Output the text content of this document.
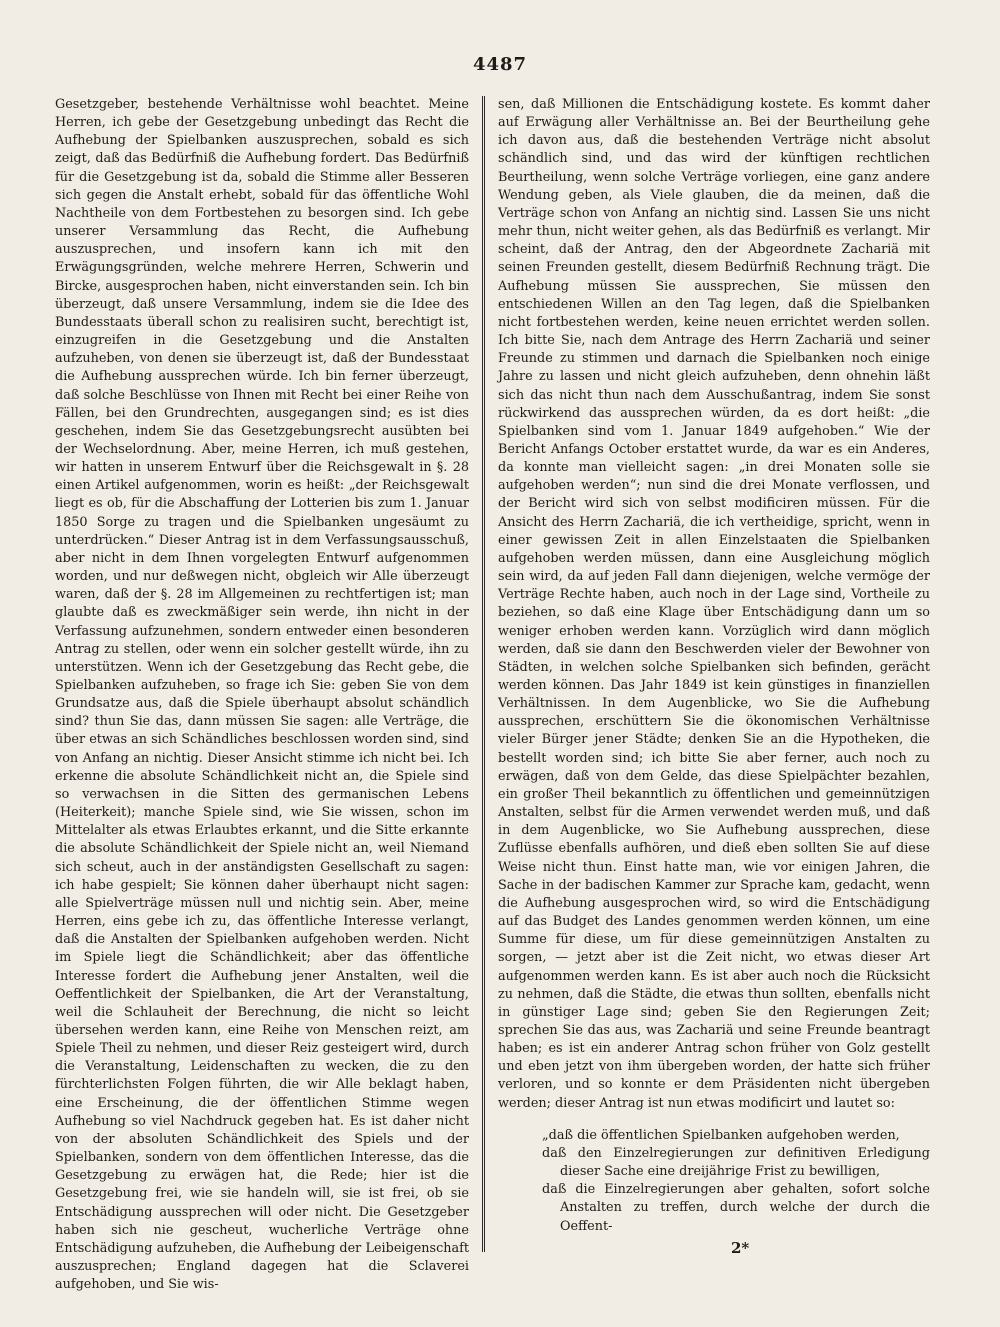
4487

Gesetzgeber, bestehende Verhältnisse wohl beachtet. Meine Herren, ich gebe der Gesetzgebung unbedingt das Recht die Aufhebung der Spielbanken auszusprechen, sobald es sich zeigt, daß das Bedürfniß die Aufhebung fordert. Das Bedürfniß für die Gesetzgebung ist da, sobald die Stimme aller Besseren sich gegen die Anstalt erhebt, sobald für das öffentliche Wohl Nachtheile von dem Fortbestehen zu besorgen sind. Ich gebe unserer Versammlung das Recht, die Aufhebung auszusprechen, und insofern kann ich mit den Erwägungsgründen, welche mehrere Herren, Schwerin und Bircke, ausgesprochen haben, nicht einverstanden sein. Ich bin überzeugt, daß unsere Versammlung, indem sie die Idee des Bundesstaats überall schon zu realisiren sucht, berechtigt ist, einzugreifen in die Gesetzgebung und die Anstalten aufzuheben, von denen sie überzeugt ist, daß der Bundesstaat die Aufhebung aussprechen würde. Ich bin ferner überzeugt, daß solche Beschlüsse von Ihnen mit Recht bei einer Reihe von Fällen, bei den Grundrechten, ausgegangen sind; es ist dies geschehen, indem Sie das Gesetzgebungsrecht ausübten bei der Wechselordnung. Aber, meine Herren, ich muß gestehen, wir hatten in unserem Entwurf über die Reichsgewalt in §. 28 einen Artikel aufgenommen, worin es heißt: „der Reichsgewalt liegt es ob, für die Abschaffung der Lotterien bis zum 1. Januar 1850 Sorge zu tragen und die Spielbanken ungesäumt zu unterdrücken.“ Dieser Antrag ist in dem Verfassungsausschuß, aber nicht in dem Ihnen vorgelegten Entwurf aufgenommen worden, und nur deßwegen nicht, obgleich wir Alle überzeugt waren, daß der §. 28 im Allgemeinen zu rechtfertigen ist; man glaubte daß es zweckmäßiger sein werde, ihn nicht in der Verfassung aufzunehmen, sondern entweder einen besonderen Antrag zu stellen, oder wenn ein solcher gestellt würde, ihn zu unterstützen. Wenn ich der Gesetzgebung das Recht gebe, die Spielbanken aufzuheben, so frage ich Sie: geben Sie von dem Grundsatze aus, daß die Spiele überhaupt absolut schändlich sind? thun Sie das, dann müssen Sie sagen: alle Verträge, die über etwas an sich Schändliches beschlossen worden sind, sind von Anfang an nichtig. Dieser Ansicht stimme ich nicht bei. Ich erkenne die absolute Schändlichkeit nicht an, die Spiele sind so verwachsen in die Sitten des germanischen Lebens (Heiterkeit); manche Spiele sind, wie Sie wissen, schon im Mittelalter als etwas Erlaubtes erkannt, und die Sitte erkannte die absolute Schändlichkeit der Spiele nicht an, weil Niemand sich scheut, auch in der anständigsten Gesellschaft zu sagen: ich habe gespielt; Sie können daher überhaupt nicht sagen: alle Spielverträge müssen null und nichtig sein. Aber, meine Herren, eins gebe ich zu, das öffentliche Interesse verlangt, daß die Anstalten der Spielbanken aufgehoben werden. Nicht im Spiele liegt die Schändlichkeit; aber das öffentliche Interesse fordert die Aufhebung jener Anstalten, weil die Oeffentlichkeit der Spielbanken, die Art der Veranstaltung, weil die Schlauheit der Berechnung, die nicht so leicht übersehen werden kann, eine Reihe von Menschen reizt, am Spiele Theil zu nehmen, und dieser Reiz gesteigert wird, durch die Veranstaltung, Leidenschaften zu wecken, die zu den fürchterlichsten Folgen führten, die wir Alle beklagt haben, eine Erscheinung, die der öffentlichen Stimme wegen Aufhebung so viel Nachdruck gegeben hat. Es ist daher nicht von der absoluten Schändlichkeit des Spiels und der Spielbanken, sondern von dem öffentlichen Interesse, das die Gesetzgebung zu erwägen hat, die Rede; hier ist die Gesetzgebung frei, wie sie handeln will, sie ist frei, ob sie Entschädigung aussprechen will oder nicht. Die Gesetzgeber haben sich nie gescheut, wucherliche Verträge ohne Entschädigung aufzuheben, die Aufhebung der Leibeigenschaft auszusprechen; England dagegen hat die Sclaverei aufgehoben, und Sie wis-

sen, daß Millionen die Entschädigung kostete. Es kommt daher auf Erwägung aller Verhältnisse an. Bei der Beurtheilung gehe ich davon aus, daß die bestehenden Verträge nicht absolut schändlich sind, und das wird der künftigen rechtlichen Beurtheilung, wenn solche Verträge vorliegen, eine ganz andere Wendung geben, als Viele glauben, die da meinen, daß die Verträge schon von Anfang an nichtig sind. Lassen Sie uns nicht mehr thun, nicht weiter gehen, als das Bedürfniß es verlangt. Mir scheint, daß der Antrag, den der Abgeordnete Zachariä mit seinen Freunden gestellt, diesem Bedürfniß Rechnung trägt. Die Aufhebung müssen Sie aussprechen, Sie müssen den entschiedenen Willen an den Tag legen, daß die Spielbanken nicht fortbestehen werden, keine neuen errichtet werden sollen. Ich bitte Sie, nach dem Antrage des Herrn Zachariä und seiner Freunde zu stimmen und darnach die Spielbanken noch einige Jahre zu lassen und nicht gleich aufzuheben, denn ohnehin läßt sich das nicht thun nach dem Ausschußantrag, indem Sie sonst rückwirkend das aussprechen würden, da es dort heißt: „die Spielbanken sind vom 1. Januar 1849 aufgehoben.“ Wie der Bericht Anfangs October erstattet wurde, da war es ein Anderes, da konnte man vielleicht sagen: „in drei Monaten solle sie aufgehoben werden“; nun sind die drei Monate verflossen, und der Bericht wird sich von selbst modificiren müssen. Für die Ansicht des Herrn Zachariä, die ich vertheidige, spricht, wenn in einer gewissen Zeit in allen Einzelstaaten die Spielbanken aufgehoben werden müssen, dann eine Ausgleichung möglich sein wird, da auf jeden Fall dann diejenigen, welche vermöge der Verträge Rechte haben, auch noch in der Lage sind, Vortheile zu beziehen, so daß eine Klage über Entschädigung dann um so weniger erhoben werden kann. Vorzüglich wird dann möglich werden, daß sie dann den Beschwerden vieler der Bewohner von Städten, in welchen solche Spielbanken sich befinden, gerächt werden können. Das Jahr 1849 ist kein günstiges in finanziellen Verhältnissen. In dem Augenblicke, wo Sie die Aufhebung aussprechen, erschüttern Sie die ökonomischen Verhältnisse vieler Bürger jener Städte; denken Sie an die Hypotheken, die bestellt worden sind; ich bitte Sie aber ferner, auch noch zu erwägen, daß von dem Gelde, das diese Spielpächter bezahlen, ein großer Theil bekanntlich zu öffentlichen und gemeinnützigen Anstalten, selbst für die Armen verwendet werden muß, und daß in dem Augenblicke, wo Sie Aufhebung aussprechen, diese Zuflüsse ebenfalls aufhören, und dieß eben sollten Sie auf diese Weise nicht thun. Einst hatte man, wie vor einigen Jahren, die Sache in der badischen Kammer zur Sprache kam, gedacht, wenn die Aufhebung ausgesprochen wird, so wird die Entschädigung auf das Budget des Landes genommen werden können, um eine Summe für diese, um für diese gemeinnützigen Anstalten zu sorgen, — jetzt aber ist die Zeit nicht, wo etwas dieser Art aufgenommen werden kann. Es ist aber auch noch die Rücksicht zu nehmen, daß die Städte, die etwas thun sollten, ebenfalls nicht in günstiger Lage sind; geben Sie den Regierungen Zeit; sprechen Sie das aus, was Zachariä und seine Freunde beantragt haben; es ist ein anderer Antrag schon früher von Golz gestellt und eben jetzt von ihm übergeben worden, der hatte sich früher verloren, und so konnte er dem Präsidenten nicht übergeben werden; dieser Antrag ist nun etwas modificirt und lautet so:

„daß die öffentlichen Spielbanken aufgehoben werden,

daß den Einzelregierungen zur definitiven Erledigung dieser Sache eine dreijährige Frist zu bewilligen,

daß die Einzelregierungen aber gehalten, sofort solche Anstalten zu treffen, durch welche der durch die Oeffent-

2*
